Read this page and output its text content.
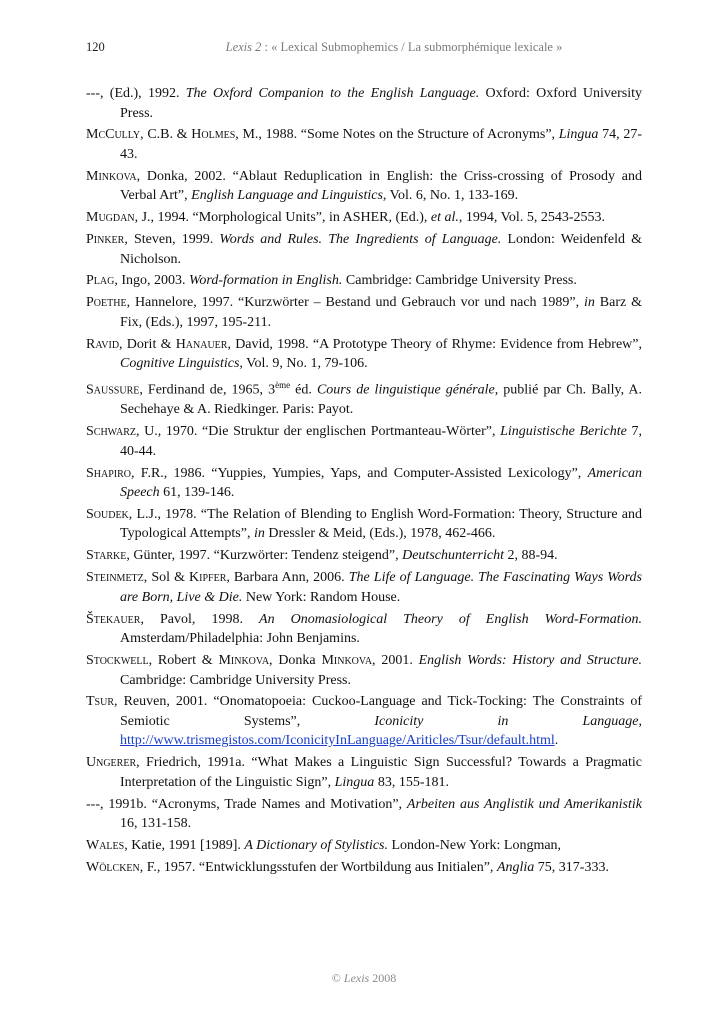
120	Lexis 2 : « Lexical Submophemics / La submorphémique lexicale »
---, (Ed.), 1992. The Oxford Companion to the English Language. Oxford: Oxford University Press.
McCully, C.B. & Holmes, M., 1988. “Some Notes on the Structure of Acronyms”, Lingua 74, 27-43.
Minkova, Donka, 2002. “Ablaut Reduplication in English: the Criss-crossing of Prosody and Verbal Art”, English Language and Linguistics, Vol. 6, No. 1, 133-169.
Mugdan, J., 1994. “Morphological Units”, in ASHER, (Ed.), et al., 1994, Vol. 5, 2543-2553.
Pinker, Steven, 1999. Words and Rules. The Ingredients of Language. London: Weidenfeld & Nicholson.
Plag, Ingo, 2003. Word-formation in English. Cambridge: Cambridge University Press.
Poethe, Hannelore, 1997. “Kurzwörter – Bestand und Gebrauch vor und nach 1989”, in Barz & Fix, (Eds.), 1997, 195-211.
Ravid, Dorit & Hanauer, David, 1998. “A Prototype Theory of Rhyme: Evidence from Hebrew”, Cognitive Linguistics, Vol. 9, No. 1, 79-106.
Saussure, Ferdinand de, 1965, 3ème éd. Cours de linguistique générale, publié par Ch. Bally, A. Sechehaye & A. Riedkinger. Paris: Payot.
Schwarz, U., 1970. “Die Struktur der englischen Portmanteau-Wörter”, Linguistische Berichte 7, 40-44.
Shapiro, F.R., 1986. “Yuppies, Yumpies, Yaps, and Computer-Assisted Lexicology”, American Speech 61, 139-146.
Soudek, L.J., 1978. “The Relation of Blending to English Word-Formation: Theory, Structure and Typological Attempts”, in Dressler & Meid, (Eds.), 1978, 462-466.
Starke, Günter, 1997. “Kurzwörter: Tendenz steigend”, Deutschunterricht 2, 88-94.
Steinmetz, Sol & Kipfer, Barbara Ann, 2006. The Life of Language. The Fascinating Ways Words are Born, Live & Die. New York: Random House.
Štekauer, Pavol, 1998. An Onomasiological Theory of English Word-Formation. Amsterdam/Philadelphia: John Benjamins.
Stockwell, Robert & Minkova, Donka Minkova, 2001. English Words: History and Structure. Cambridge: Cambridge University Press.
Tsur, Reuven, 2001. “Onomatopoeia: Cuckoo-Language and Tick-Tocking: The Constraints of Semiotic Systems”, Iconicity in Language, http://www.trismegistos.com/IconicityInLanguage/Ariticles/Tsur/default.html.
Ungerer, Friedrich, 1991a. “What Makes a Linguistic Sign Successful? Towards a Pragmatic Interpretation of the Linguistic Sign”, Lingua 83, 155-181.
---, 1991b. “Acronyms, Trade Names and Motivation”, Arbeiten aus Anglistik und Amerikanistik 16, 131-158.
Wales, Katie, 1991 [1989]. A Dictionary of Stylistics. London-New York: Longman,
Wölcken, F., 1957. “Entwicklungsstufen der Wortbildung aus Initialen”, Anglia 75, 317-333.
© Lexis 2008
